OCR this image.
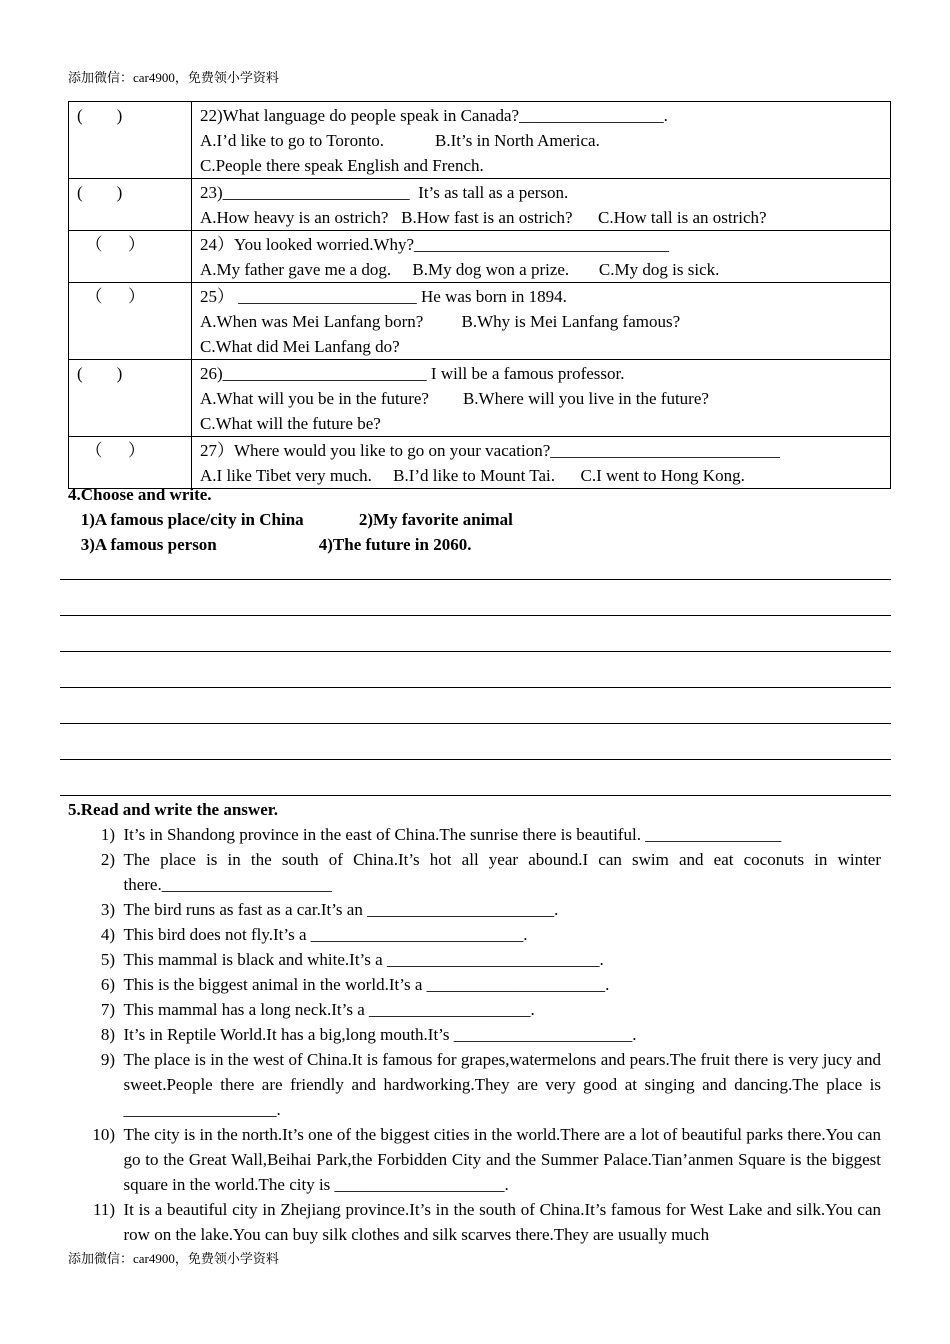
添加微信：car4900，免费领小学资料
(        )	22)What language do people speak in Canada?_________________.
A.I’d like to go to Toronto.            B.It’s in North America.
C.People there speak English and French.

(        )	23)______________________  It’s as tall as a person.
A.How heavy is an ostrich?   B.How fast is an ostrich?      C.How tall is an ostrich?

（      ）	24）You looked worried.Why?______________________________
A.My father gave me a dog.     B.My dog won a prize.       C.My dog is sick.

（      ）	25） _____________________ He was born in 1894.
A.When was Mei Lanfang born?         B.Why is Mei Lanfang famous?
C.What did Mei Lanfang do?

(        )	26)________________________ I will be a famous professor.
A.What will you be in the future?        B.Where will you live in the future?
C.What will the future be?

（      ）	27）Where would you like to go on your vacation?___________________________
A.I like Tibet very much.     B.I’d like to Mount Tai.      C.I went to Hong Kong.
4.Choose and write.
1)A famous place/city in China             2)My favorite animal
3)A famous person                        4)The future in 2060.
5.Read and write the answer.
1) It’s in Shandong province in the east of China.The sunrise there is beautiful. ________________
2) The place is in the south of China.It’s hot all year abound.I can swim and eat coconuts in winter there.____________________
3) The bird runs as fast as a car.It’s an ______________________.
4) This bird does not fly.It’s a _________________________.
5) This mammal is black and white.It’s a _________________________.
6) This is the biggest animal in the world.It’s a _____________________.
7) This mammal has a long neck.It’s a ___________________.
8) It’s in Reptile World.It has a big,long mouth.It’s _____________________.
9) The place is in the west of China.It is famous for grapes,watermelons and pears.The fruit there is very jucy and sweet.People there are friendly and hardworking.They are very good at singing and dancing.The place is __________________.
10) The city is in the north.It’s one of the biggest cities in the world.There are a lot of beautiful parks there.You can go to the Great Wall,Beihai Park,the Forbidden City and the Summer Palace.Tian’anmen Square is the biggest square in the world.The city is ____________________.
11) It is a beautiful city in Zhejiang province.It’s in the south of China.It’s famous for West Lake and silk.You can row on the lake.You can buy silk clothes and silk scarves there.They are usually much
添加微信：car4900，免费领小学资料
